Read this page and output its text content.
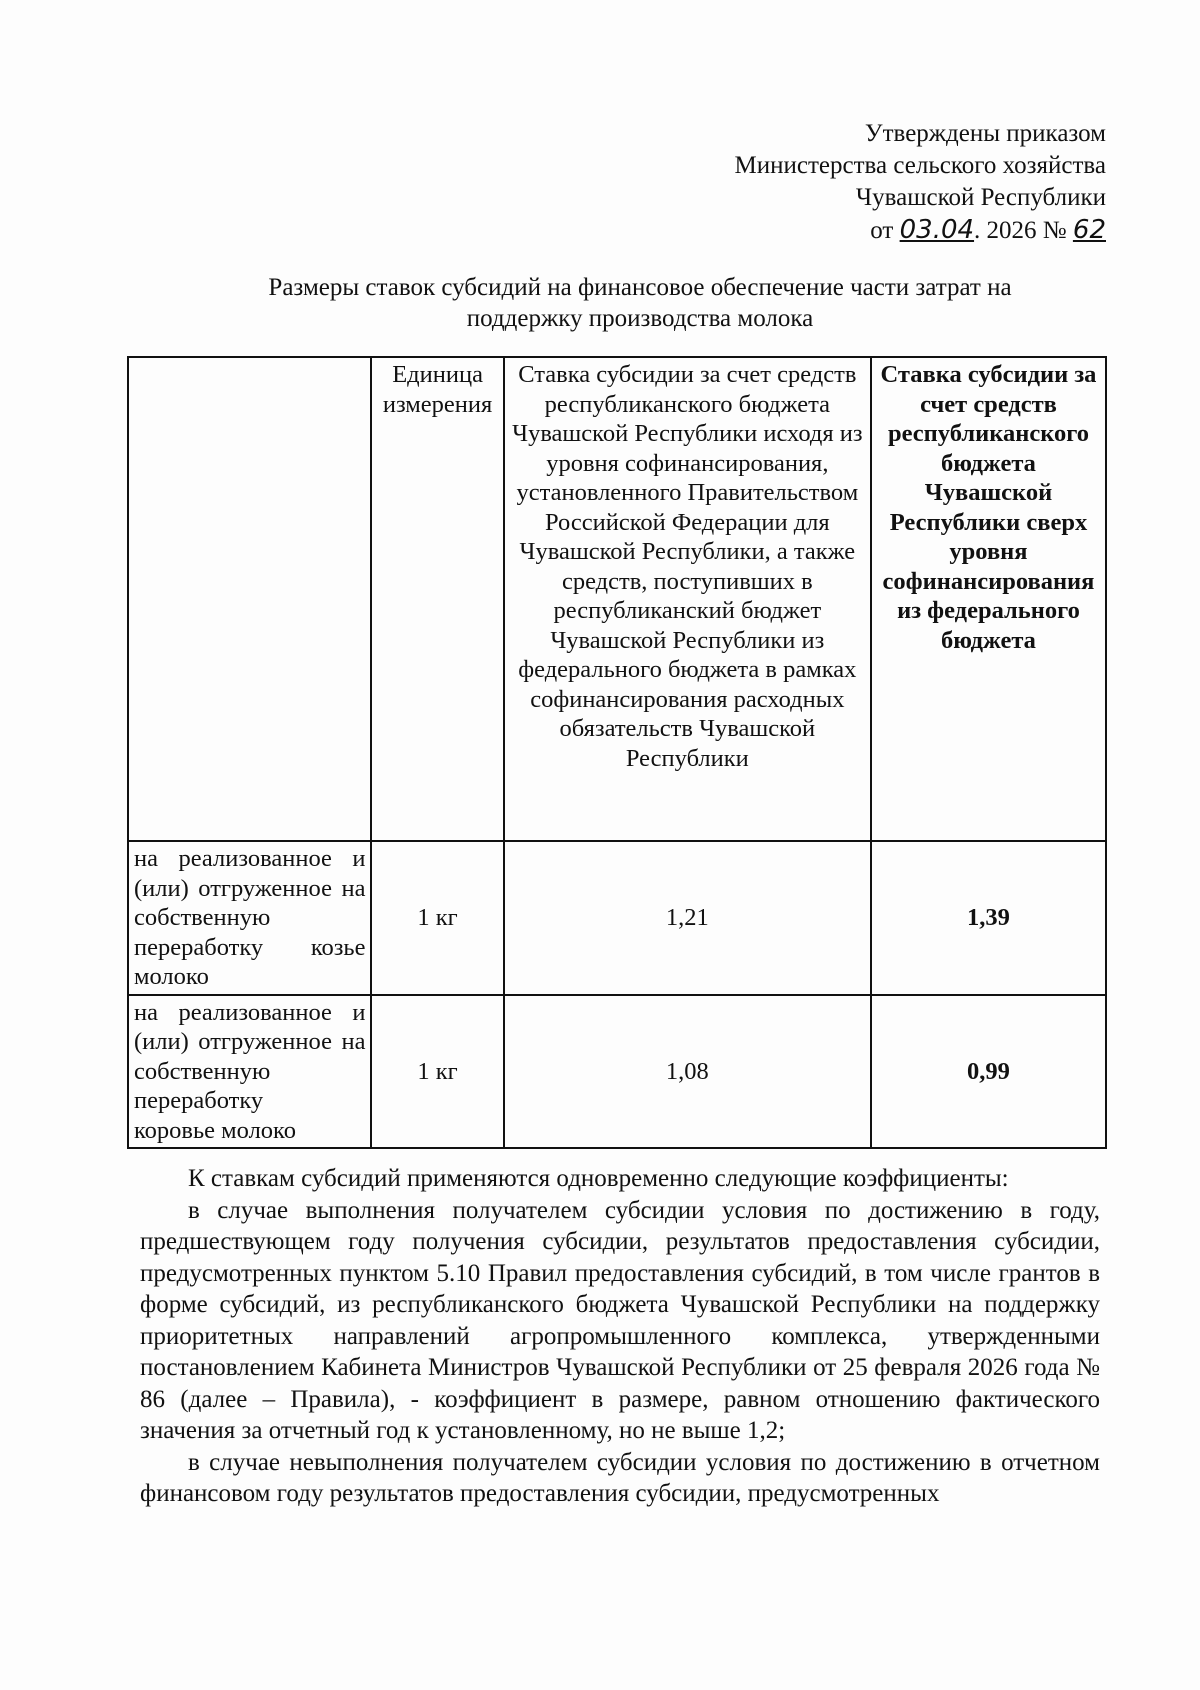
Утверждены приказом
Министерства сельского хозяйства
Чувашской Республики
от 03.04. 2026 № 62
Размеры ставок субсидий на финансовое обеспечение части затрат на
поддержку производства молока
	Единица измерения	Ставка субсидии за счет средств республиканского бюджета Чувашской Республики исходя из уровня софинансирования, установленного Правительством Российской Федерации для Чувашской Республики, а также средств, поступивших в республиканский бюджет Чувашской Республики из федерального бюджета в рамках софинансирования расходных обязательств Чувашской Республики	Ставка субсидии за счет средств республиканского бюджета Чувашской Республики сверх уровня софинансирования из федерального бюджета
на реализованное и (или) отгруженное на собственную переработку козье
молоко	1 кг	1,21	1,39
на реализованное и (или) отгруженное на собственную переработку
коровье молоко	1 кг	1,08	0,99

К ставкам субсидий применяются одновременно следующие коэффициенты:

в случае выполнения получателем субсидии условия по достижению в году, предшествующем году получения субсидии, результатов предоставления субсидии, предусмотренных пунктом 5.10 Правил предоставления субсидий, в том числе грантов в форме субсидий, из республиканского бюджета Чувашской Республики на поддержку приоритетных направлений агропромышленного комплекса, утвержденными постановлением Кабинета Министров Чувашской Республики от 25 февраля 2026 года № 86 (далее – Правила), - коэффициент в размере, равном отношению фактического значения за отчетный год к установленному, но не выше 1,2;

в случае невыполнения получателем субсидии условия по достижению в отчетном финансовом году результатов предоставления субсидии, предусмотренных
